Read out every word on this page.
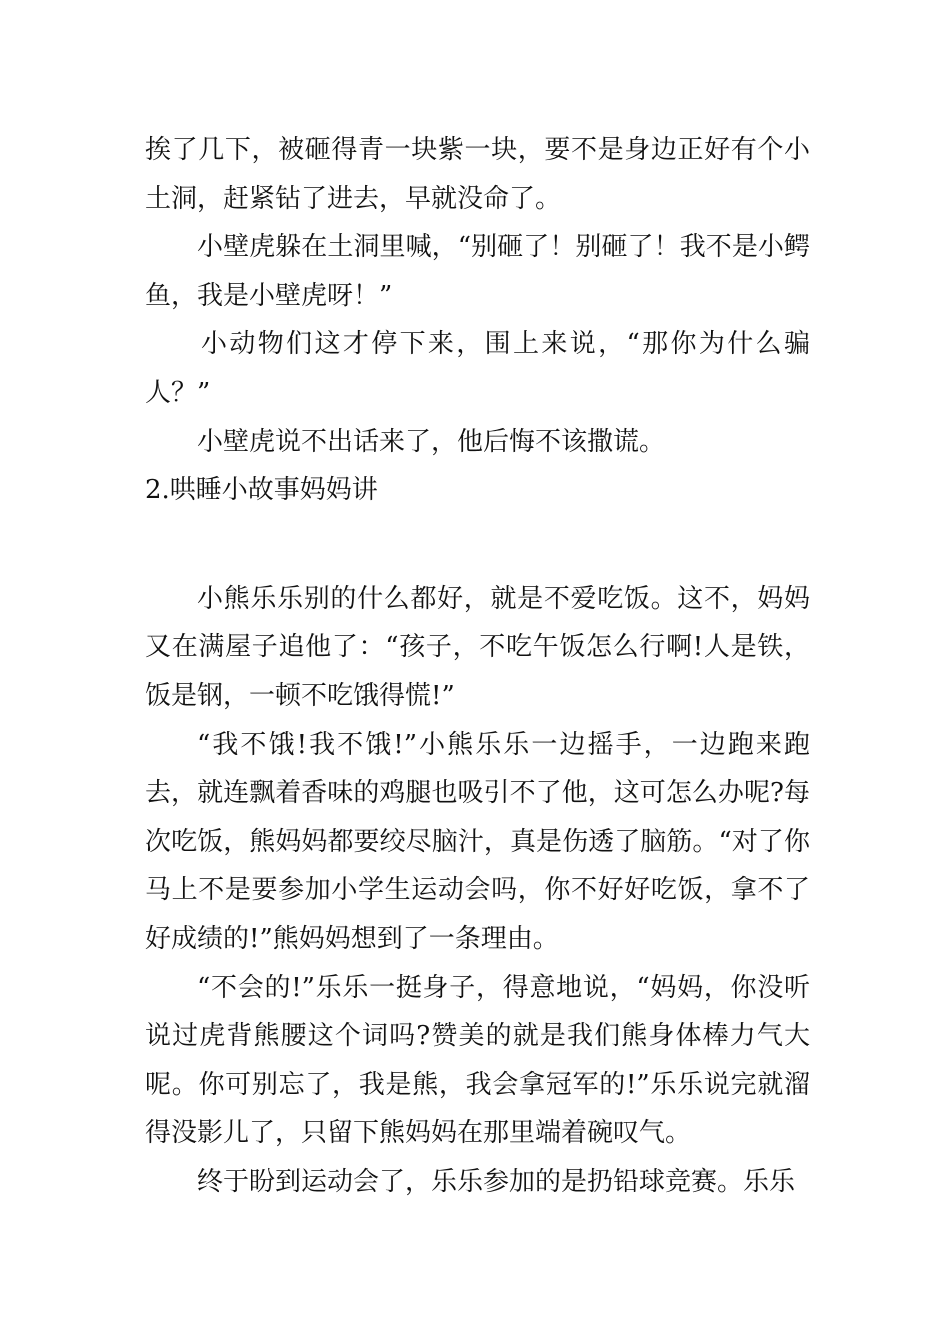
挨了几下，被砸得青一块紫一块，要不是身边正好有个小土洞，赶紧钻了进去，早就没命了。

小壁虎躲在土洞里喊，“别砸了！别砸了！我不是小鳄鱼，我是小壁虎呀！”

小动物们这才停下来，围上来说，“那你为什么骗人？”

小壁虎说不出话来了，他后悔不该撒谎。

2.哄睡小故事妈妈讲

小熊乐乐别的什么都好，就是不爱吃饭。这不，妈妈又在满屋子追他了：“孩子，不吃午饭怎么行啊!人是铁，饭是钢，一顿不吃饿得慌!”

“我不饿!我不饿!”小熊乐乐一边摇手，一边跑来跑去，就连飘着香味的鸡腿也吸引不了他，这可怎么办呢?每次吃饭，熊妈妈都要绞尽脑汁，真是伤透了脑筋。“对了你马上不是要参加小学生运动会吗，你不好好吃饭，拿不了好成绩的!”熊妈妈想到了一条理由。

“不会的!”乐乐一挺身子，得意地说，“妈妈，你没听说过虎背熊腰这个词吗?赞美的就是我们熊身体棒力气大呢。你可别忘了，我是熊，我会拿冠军的!”乐乐说完就溜得没影儿了，只留下熊妈妈在那里端着碗叹气。

终于盼到运动会了，乐乐参加的是扔铅球竞赛。乐乐
